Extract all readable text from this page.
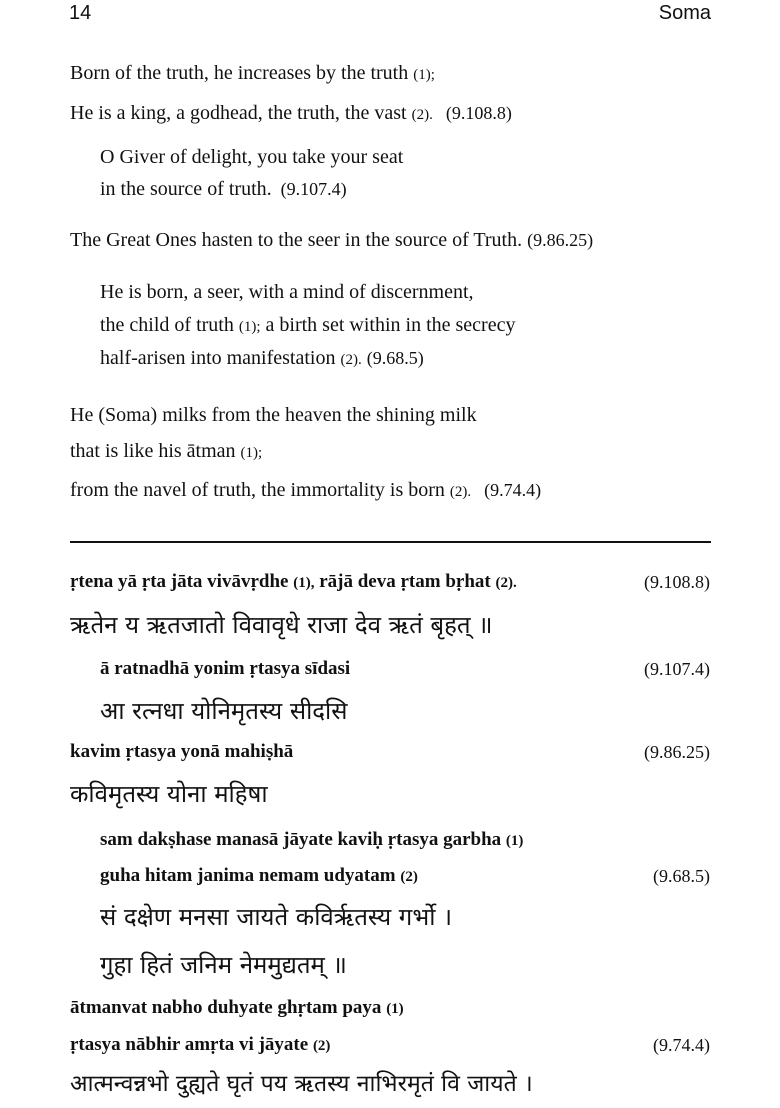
14	Soma
Born of the truth, he increases by the truth (1);
He is a king, a godhead, the truth, the vast (2). (9.108.8)
O Giver of delight, you take your seat
in the source of truth. (9.107.4)
The Great Ones hasten to the seer in the source of Truth. (9.86.25)
He is born, a seer, with a mind of discernment,
the child of truth (1); a birth set within in the secrecy
half-arisen into manifestation (2). (9.68.5)
He (Soma) milks from the heaven the shining milk
that is like his ātman (1);
from the navel of truth, the immortality is born (2). (9.74.4)
ṛtena yā ṛta jāta vivāvṛdhe (1), rājā deva ṛtam bṛhat (2).	(9.108.8)
ऋतेन य ऋतजातो विवावृधे राजा देव ऋतं बृहत् ॥
ā ratnadhā yonim ṛtasya sīdasi	(9.107.4)
आ रत्नधा योनिमृतस्य सीदसि
kavim ṛtasya yonā mahiṣhā	(9.86.25)
कविमृतस्य योना महिषा
sam dakṣhase manasā jāyate kaviḥ ṛtasya garbha (1)
guha hitam janima nemam udyatam (2)	(9.68.5)
सं दक्षेण मनसा जायते कविर्ऋतस्य गर्भो ।
गुहा हितं जनिम नेममुद्यतम् ॥
ātmanvat nabho duhyate ghṛtam paya (1)
ṛtasya nābhir amṛta vi jāyate (2)	(9.74.4)
आत्मन्वन्नभो दुह्यते घृतं पय ऋतस्य नाभिरमृतं वि जायते ।
